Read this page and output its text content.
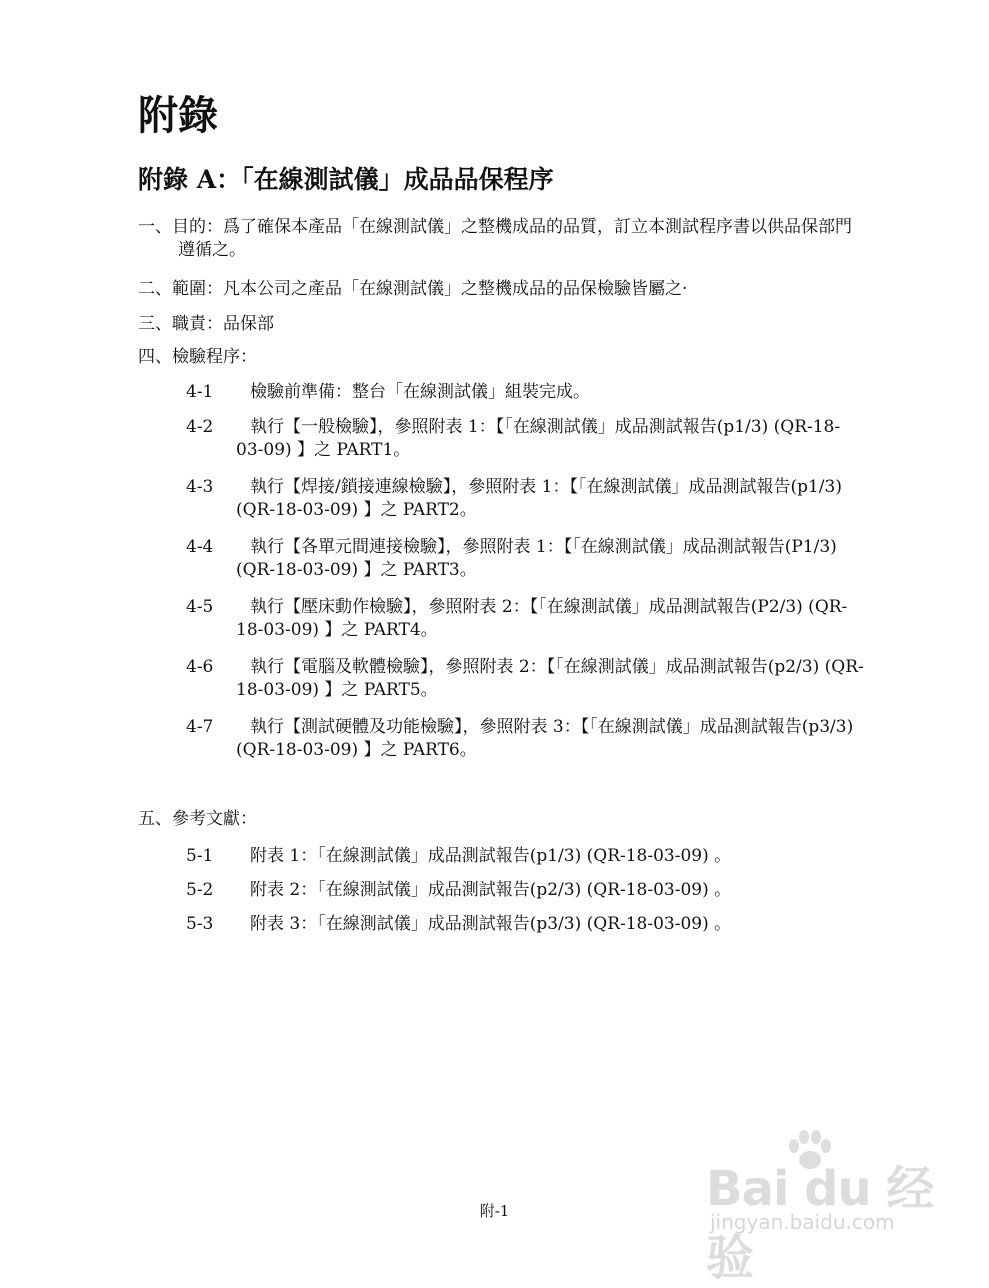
附錄
附錄 A：「在線測試儀」成品品保程序
一、目的：爲了確保本產品「在線測試儀」之整機成品的品質，訂立本測試程序書以供品保部門遵循之。
二、範圍：凡本公司之產品「在線測試儀」之整機成品的品保檢驗皆屬之·
三、職責：品保部
四、檢驗程序：
4-1	檢驗前準備：整台「在線測試儀」組裝完成。
4-2	執行【一般檢驗】，參照附表 1：【「在線測試儀」成品測試報告(p1/3) (QR-18-03-09) 】之 PART1。
4-3	執行【焊接/鎖接連線檢驗】，參照附表 1：【「在線測試儀」成品測試報告(p1/3) (QR-18-03-09) 】之 PART2。
4-4	執行【各單元間連接檢驗】，參照附表 1：【「在線測試儀」成品測試報告(P1/3) (QR-18-03-09) 】之 PART3。
4-5	執行【壓床動作檢驗】，參照附表 2：【「在線測試儀」成品測試報告(P2/3) (QR-18-03-09) 】之 PART4。
4-6	執行【電腦及軟體檢驗】，參照附表 2：【「在線測試儀」成品測試報告(p2/3) (QR-18-03-09) 】之 PART5。
4-7	執行【測試硬體及功能檢驗】，參照附表 3：【「在線測試儀」成品測試報告(p3/3) (QR-18-03-09) 】之 PART6。
五、參考文獻：
5-1 附表 1：「在線測試儀」成品測試報告(p1/3) (QR-18-03-09) 。
5-2 附表 2：「在線測試儀」成品測試報告(p2/3) (QR-18-03-09) 。
5-3 附表 3：「在線測試儀」成品測試報告(p3/3) (QR-18-03-09) 。
附-1	Bai du 经验
jingyan.baidu.com
